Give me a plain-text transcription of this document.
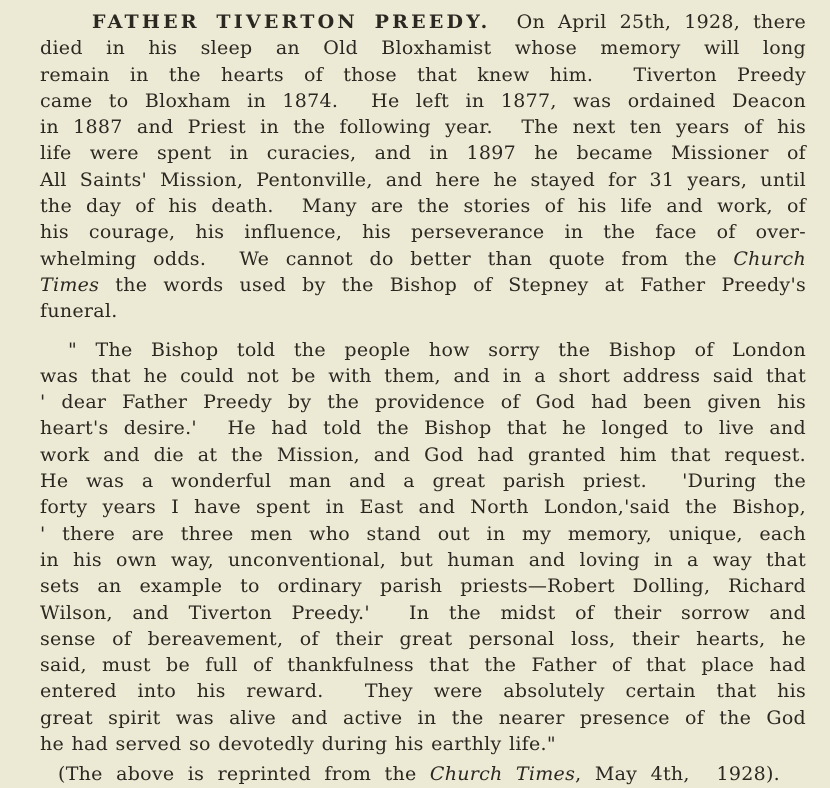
FATHER TIVERTON PREEDY.  On April 25th, 1928, there
died in his sleep an Old Bloxhamist whose memory will long
remain in the hearts of those that knew him.  Tiverton Preedy
came to Bloxham in 1874.  He left in 1877, was ordained Deacon
in 1887 and Priest in the following year.  The next ten years of his
life were spent in curacies, and in 1897 he became Missioner of
All Saints' Mission, Pentonville, and here he stayed for 31 years, until
the day of his death.  Many are the stories of his life and work, of
his courage, his influence, his perseverance in the face of over-
whelming odds.  We cannot do better than quote from the Church
Times the words used by the Bishop of Stepney at Father Preedy's
funeral.
" The Bishop told the people how sorry the Bishop of London
was that he could not be with them, and in a short address said that
' dear Father Preedy by the providence of God had been given his
heart's desire.'  He had told the Bishop that he longed to live and
work and die at the Mission, and God had granted him that request.
He was a wonderful man and a great parish priest.  'During the
forty years I have spent in East and North London,'said the Bishop,
' there are three men who stand out in my memory, unique, each
in his own way, unconventional, but human and loving in a way that
sets an example to ordinary parish priests—Robert Dolling, Richard
Wilson, and Tiverton Preedy.'  In the midst of their sorrow and
sense of bereavement, of their great personal loss, their hearts, he
said, must be full of thankfulness that the Father of that place had
entered into his reward.  They were absolutely certain that his
great spirit was alive and active in the nearer presence of the God
he had served so devotedly during his earthly life."
(The above is reprinted from the Church Times, May 4th,  1928).
